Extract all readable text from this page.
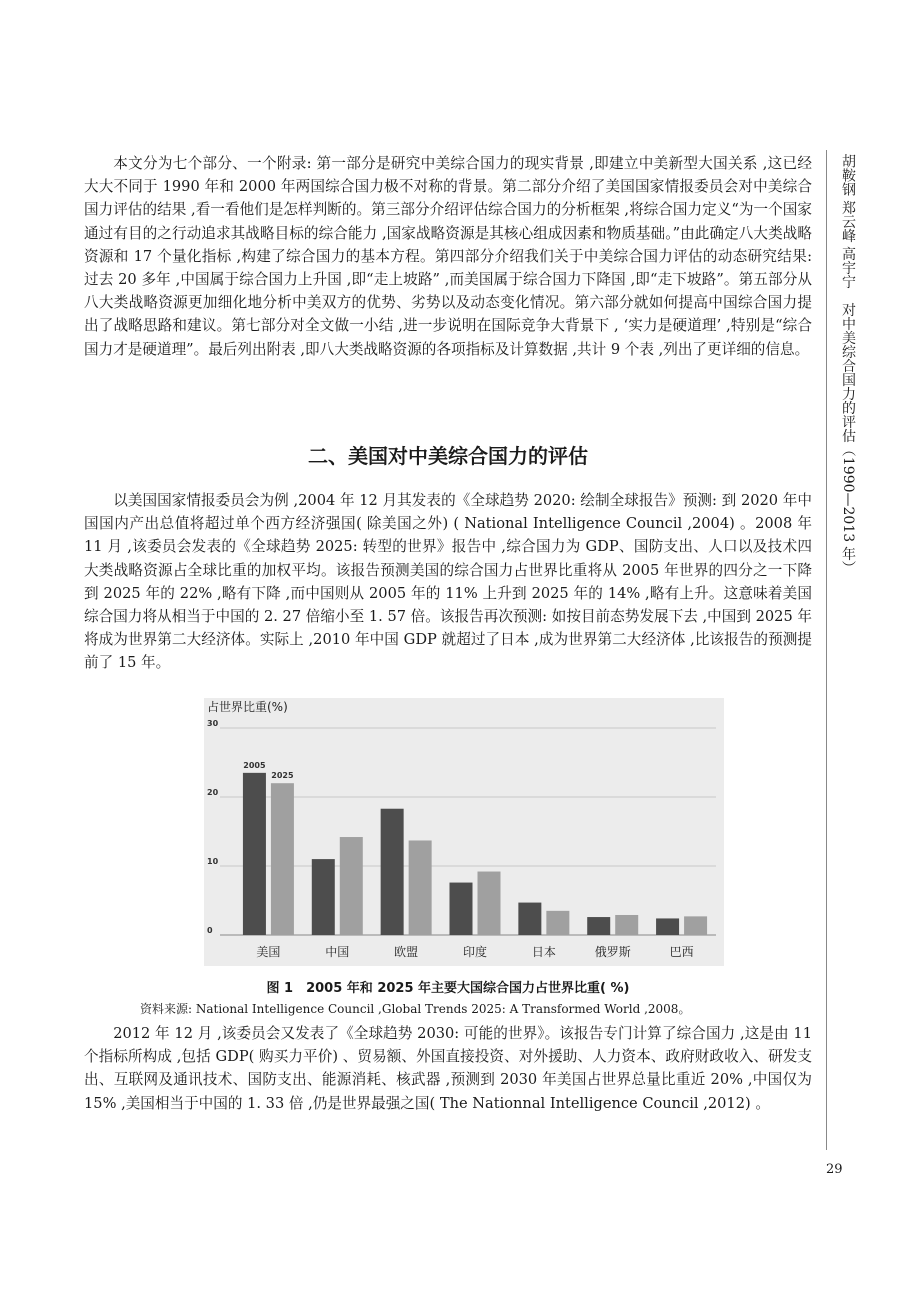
本文分为七个部分、一个附录: 第一部分是研究中美综合国力的现实背景 ,即建立中美新型大国关系 ,这已经大大不同于 1990 年和 2000 年两国综合国力极不对称的背景。第二部分介绍了美国国家情报委员会对中美综合国力评估的结果 ,看一看他们是怎样判断的。第三部分介绍评估综合国力的分析框架 ,将综合国力定义“为一个国家通过有目的之行动追求其战略目标的综合能力 ,国家战略资源是其核心组成因素和物质基础。”由此确定八大类战略资源和 17 个量化指标 ,构建了综合国力的基本方程。第四部分介绍我们关于中美综合国力评估的动态研究结果: 过去 20 多年 ,中国属于综合国力上升国 ,即“走上坡路” ,而美国属于综合国力下降国 ,即“走下坡路”。第五部分从八大类战略资源更加细化地分析中美双方的优势、劣势以及动态变化情况。第六部分就如何提高中国综合国力提出了战略思路和建议。第七部分对全文做一小结 ,进一步说明在国际竞争大背景下 , ‘实力是硬道理’ ,特别是“综合国力才是硬道理”。最后列出附表 ,即八大类战略资源的各项指标及计算数据 ,共计 9 个表 ,列出了更详细的信息。

二、美国对中美综合国力的评估

以美国国家情报委员会为例 ,2004 年 12 月其发表的《全球趋势 2020: 绘制全球报告》预测: 到 2020 年中国国内产出总值将超过单个西方经济强国( 除美国之外) ( National Intelligence Council ,2004) 。2008 年 11 月 ,该委员会发表的《全球趋势 2025: 转型的世界》报告中 ,综合国力为 GDP、国防支出、人口以及技术四大类战略资源占全球比重的加权平均。该报告预测美国的综合国力占世界比重将从 2005 年世界的四分之一下降到 2025 年的 22% ,略有下降 ,而中国则从 2005 年的 11% 上升到 2025 年的 14% ,略有上升。这意味着美国综合国力将从相当于中国的 2. 27 倍缩小至 1. 57 倍。该报告再次预测: 如按目前态势发展下去 ,中国到 2025 年将成为世界第二大经济体。实际上 ,2010 年中国 GDP 就超过了日本 ,成为世界第二大经济体 ,比该报告的预测提前了 15 年。

占世界比重(%)
0
10
20
30
2005
2025
美国	中国	欧盟	印度	日本	俄罗斯	巴西

图 1　2005 年和 2025 年主要大国综合国力占世界比重( %)

资料来源: National Intelligence Council ,Global Trends 2025: A Transformed World ,2008。

2012 年 12 月 ,该委员会又发表了《全球趋势 2030: 可能的世界》。该报告专门计算了综合国力 ,这是由 11 个指标所构成 ,包括 GDP( 购买力平价) 、贸易额、外国直接投资、对外援助、人力资本、政府财政收入、研发支出、互联网及通讯技术、国防支出、能源消耗、核武器 ,预测到 2030 年美国占世界总量比重近 20% ,中国仅为 15% ,美国相当于中国的 1. 33 倍 ,仍是世界最强之国( The Nationnal Intelligence Council ,2012) 。

胡鞍钢 郑云峰 高宇宁　对中美综合国力的评估（1990—2013 年）
29
